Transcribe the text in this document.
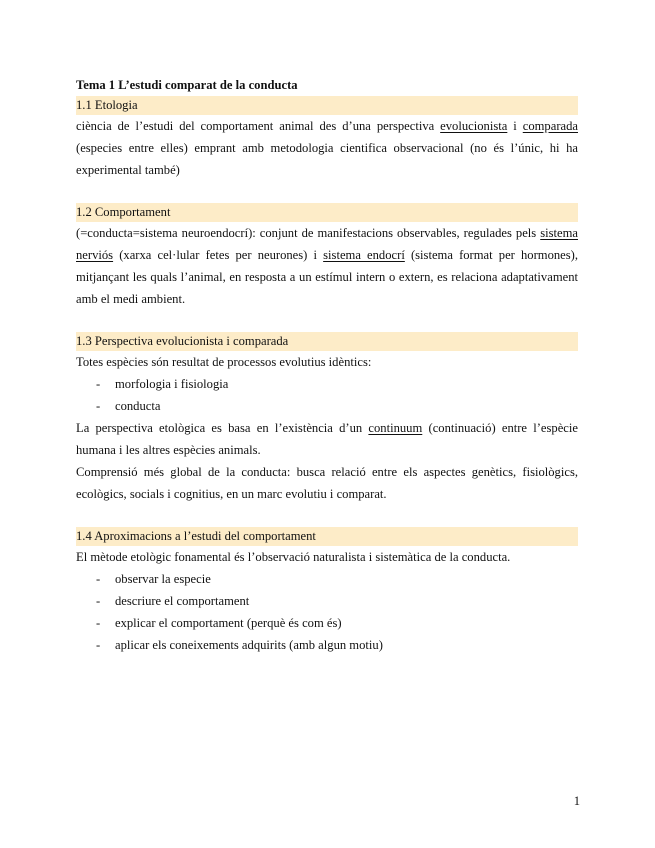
Tema 1 L’estudi comparat de la conducta

1.1 Etologia

ciència de l’estudi del comportament animal des d’una perspectiva evolucionista i comparada (especies entre elles) emprant amb metodologia cientifica observacional (no és l’únic, hi ha experimental també)

1.2 Comportament

(=conducta=sistema neuroendocrí): conjunt de manifestacions observables, regulades pels sistema nerviós (xarxa cel·lular fetes per neurones) i sistema endocrí (sistema format per hormones), mitjançant les quals l’animal, en resposta a un estímul intern o extern, es relaciona adaptativament amb el medi ambient.

1.3 Perspectiva evolucionista i comparada

Totes espècies són resultat de processos evolutius idèntics:

- morfologia i fisiologia
- conducta

La perspectiva etològica es basa en l’existència d’un continuum (continuació) entre l’espècie humana i les altres espècies animals.

Comprensió més global de la conducta: busca relació entre els aspectes genètics, fisiològics, ecològics, socials i cognitius, en un marc evolutiu i comparat.

1.4 Aproximacions a l’estudi del comportament

El mètode etològic fonamental és l’observació naturalista i sistemàtica de la conducta.

- observar la especie
- descriure el comportament
- explicar el comportament (perquè és com és)
- aplicar els coneixements adquirits (amb algun motiu)
1
